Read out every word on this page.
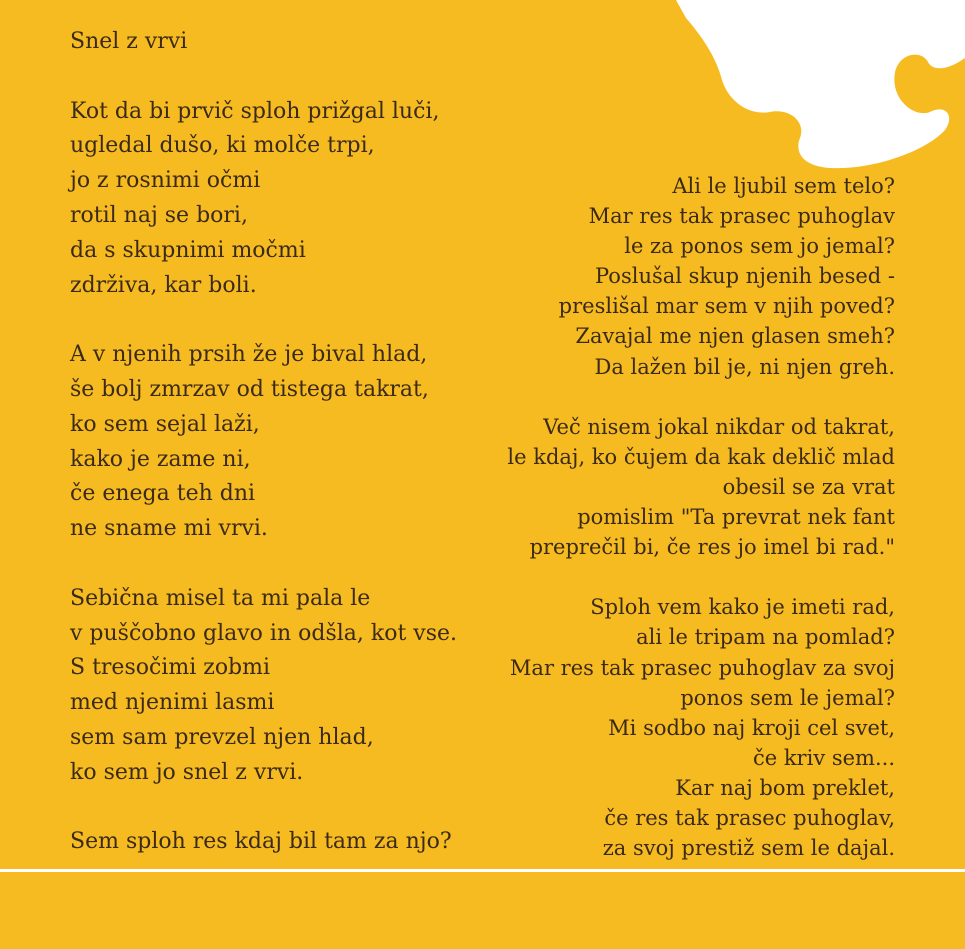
Snel z vrvi
Kot da bi prvič sploh prižgal luči,
ugledal dušo, ki molče trpi,
jo z rosnimi očmi
rotil naj se bori,
da s skupnimi močmi
zdrživa, kar boli.
A v njenih prsih že je bival hlad,
še bolj zmrzav od tistega takrat,
ko sem sejal laži,
kako je zame ni,
če enega teh dni
ne sname mi vrvi.
Sebična misel ta mi pala le
v puščobno glavo in odšla, kot vse.
S tresočimi zobmi
med njenimi lasmi
sem sam prevzel njen hlad,
ko sem jo snel z vrvi.
Sem sploh res kdaj bil tam za njo?
Ali le ljubil sem telo?
Mar res tak prasec puhoglav
le za ponos sem jo jemal?
Poslušal skup njenih besed -
preslišal mar sem v njih poved?
Zavajal me njen glasen smeh?
Da lažen bil je, ni njen greh.
Več nisem jokal nikdar od takrat,
le kdaj, ko čujem da kak deklič mlad
obesil se za vrat
pomislim "Ta prevrat nek fant
preprečil bi, če res jo imel bi rad."
Sploh vem kako je imeti rad,
ali le tripam na pomlad?
Mar res tak prasec puhoglav za svoj
ponos sem le jemal?
Mi sodbo naj kroji cel svet,
če kriv sem...
Kar naj bom preklet,
če res tak prasec puhoglav,
za svoj prestiž sem le dajal.
